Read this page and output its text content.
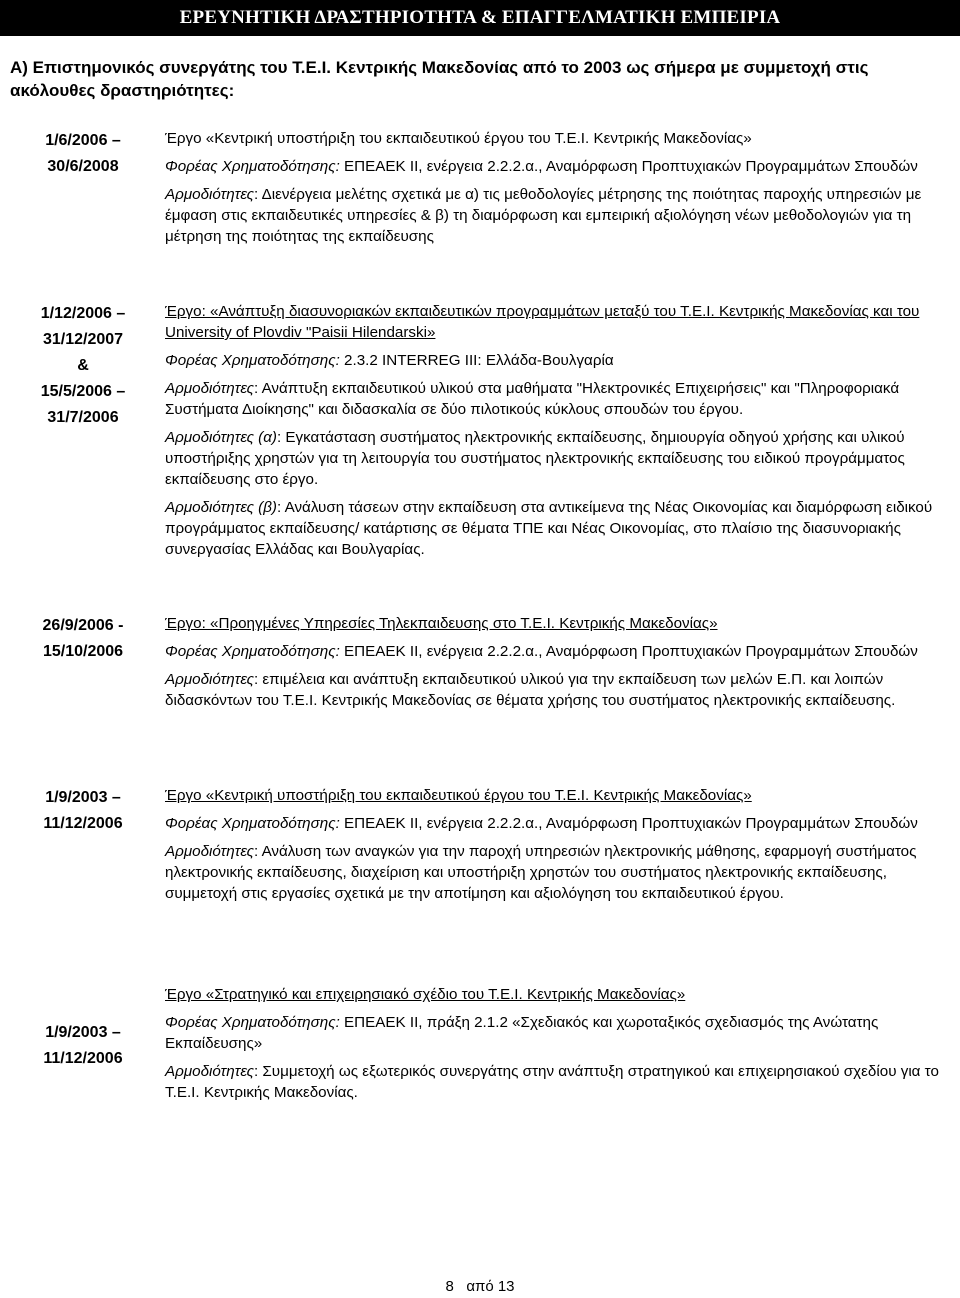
ΕΡΕΥΝΗΤΙΚΗ ΔΡΑΣΤΗΡΙΟΤΗΤΑ & ΕΠΑΓΓΕΛΜΑΤΙΚΗ ΕΜΠΕΙΡΙΑ
Α) Επιστημονικός συνεργάτης του Τ.Ε.Ι. Κεντρικής Μακεδονίας από το 2003 ως σήμερα με συμμετοχή στις ακόλουθες δραστηριότητες:
1/6/2006 –
30/6/2008

Έργο «Κεντρική υποστήριξη του εκπαιδευτικού έργου του Τ.Ε.Ι. Κεντρικής Μακεδονίας»

Φορέας Χρηματοδότησης: ΕΠΕΑΕΚ ΙΙ, ενέργεια 2.2.2.α., Αναμόρφωση Προπτυχιακών Προγραμμάτων Σπουδών

Αρμοδιότητες: Διενέργεια μελέτης σχετικά με α) τις μεθοδολογίες μέτρησης της ποιότητας παροχής υπηρεσιών με έμφαση στις εκπαιδευτικές υπηρεσίες & β) τη διαμόρφωση και εμπειρική αξιολόγηση νέων μεθοδολογιών για τη μέτρηση της ποιότητας της εκπαίδευσης

1/12/2006 –
31/12/2007
&
15/5/2006 –
31/7/2006

Έργο: «Ανάπτυξη διασυνοριακών εκπαιδευτικών προγραμμάτων μεταξύ του Τ.Ε.Ι. Κεντρικής Μακεδονίας και του University of Plovdiv "Paisii Hilendarski»

Φορέας Χρηματοδότησης: 2.3.2 INTERREG III: Ελλάδα-Βουλγαρία

Αρμοδιότητες: Ανάπτυξη εκπαιδευτικού υλικού στα μαθήματα "Ηλεκτρονικές Επιχειρήσεις" και "Πληροφοριακά Συστήματα Διοίκησης" και διδασκαλία σε δύο πιλοτικούς κύκλους σπουδών του έργου.

Αρμοδιότητες (α): Εγκατάσταση συστήματος ηλεκτρονικής εκπαίδευσης, δημιουργία οδηγού χρήσης και υλικού υποστήριξης χρηστών για τη λειτουργία του συστήματος ηλεκτρονικής εκπαίδευσης του ειδικού προγράμματος εκπαίδευσης στο έργο.

Αρμοδιότητες (β): Ανάλυση τάσεων στην εκπαίδευση στα αντικείμενα της Νέας Οικονομίας και διαμόρφωση ειδικού προγράμματος εκπαίδευσης/ κατάρτισης σε θέματα ΤΠΕ και Νέας Οικονομίας, στο πλαίσιο της διασυνοριακής συνεργασίας Ελλάδας και Βουλγαρίας.

26/9/2006 -
15/10/2006

Έργο: «Προηγμένες Υπηρεσίες Τηλεκπαιδευσης στο Τ.Ε.Ι. Κεντρικής Μακεδονίας»

Φορέας Χρηματοδότησης: ΕΠΕΑΕΚ ΙΙ, ενέργεια 2.2.2.α., Αναμόρφωση Προπτυχιακών Προγραμμάτων Σπουδών

Αρμοδιότητες: επιμέλεια και ανάπτυξη εκπαιδευτικού υλικού για την εκπαίδευση των μελών Ε.Π. και λοιπών διδασκόντων του Τ.Ε.Ι. Κεντρικής Μακεδονίας σε θέματα χρήσης του συστήματος ηλεκτρονικής εκπαίδευσης.

1/9/2003 –
11/12/2006

Έργο «Κεντρική υποστήριξη του εκπαιδευτικού έργου του Τ.Ε.Ι. Κεντρικής Μακεδονίας»

Φορέας Χρηματοδότησης: ΕΠΕΑΕΚ ΙΙ, ενέργεια 2.2.2.α., Αναμόρφωση Προπτυχιακών Προγραμμάτων Σπουδών

Αρμοδιότητες: Ανάλυση των αναγκών για την παροχή υπηρεσιών ηλεκτρονικής μάθησης, εφαρμογή συστήματος ηλεκτρονικής εκπαίδευσης, διαχείριση και υποστήριξη χρηστών του συστήματος ηλεκτρονικής εκπαίδευσης, συμμετοχή στις εργασίες σχετικά με την αποτίμηση και αξιολόγηση του εκπαιδευτικού έργου.

1/9/2003 –
11/12/2006

Έργο «Στρατηγικό και επιχειρησιακό σχέδιο του Τ.Ε.Ι. Κεντρικής Μακεδονίας»

Φορέας Χρηματοδότησης: ΕΠΕΑΕΚ ΙΙ, πράξη 2.1.2 «Σχεδιακός και χωροταξικός σχεδιασμός της Ανώτατης Εκπαίδευσης»

Αρμοδιότητες: Συμμετοχή ως εξωτερικός συνεργάτης στην ανάπτυξη στρατηγικού και επιχειρησιακού σχεδίου για το Τ.Ε.Ι. Κεντρικής Μακεδονίας.

8   από 13
